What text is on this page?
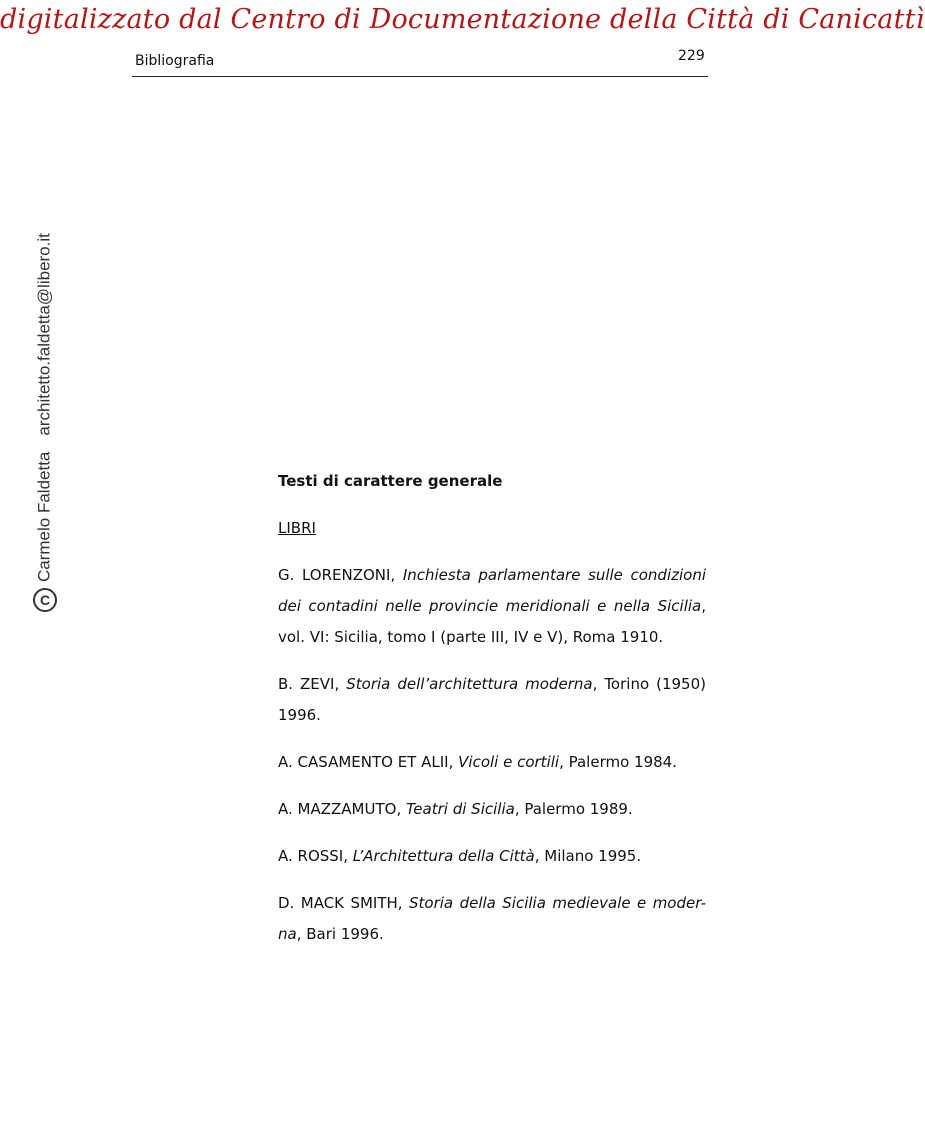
digitalizzato dal Centro di Documentazione della Città di Canicattì
Bibliografia	229
CCarmelo Faldettaarchitetto.faldetta@libero.it
Testi di carattere generale
LIBRI
G. LORENZONI, Inchiesta parlamentare sulle condizioni dei contadini nelle provincie meridionali e nella Sicilia, vol. VI: Sicilia, tomo I (parte III, IV e V), Roma 1910.
B. ZEVI, Storia dell’architettura moderna, Torino (1950) 1996.
A. CASAMENTO ET ALII, Vicoli e cortili, Palermo 1984.
A. MAZZAMUTO, Teatri di Sicilia, Palermo 1989.
A. ROSSI, L’Architettura della Città, Milano 1995.
D. MACK SMITH, Storia della Sicilia medievale e moder-na, Bari 1996.
